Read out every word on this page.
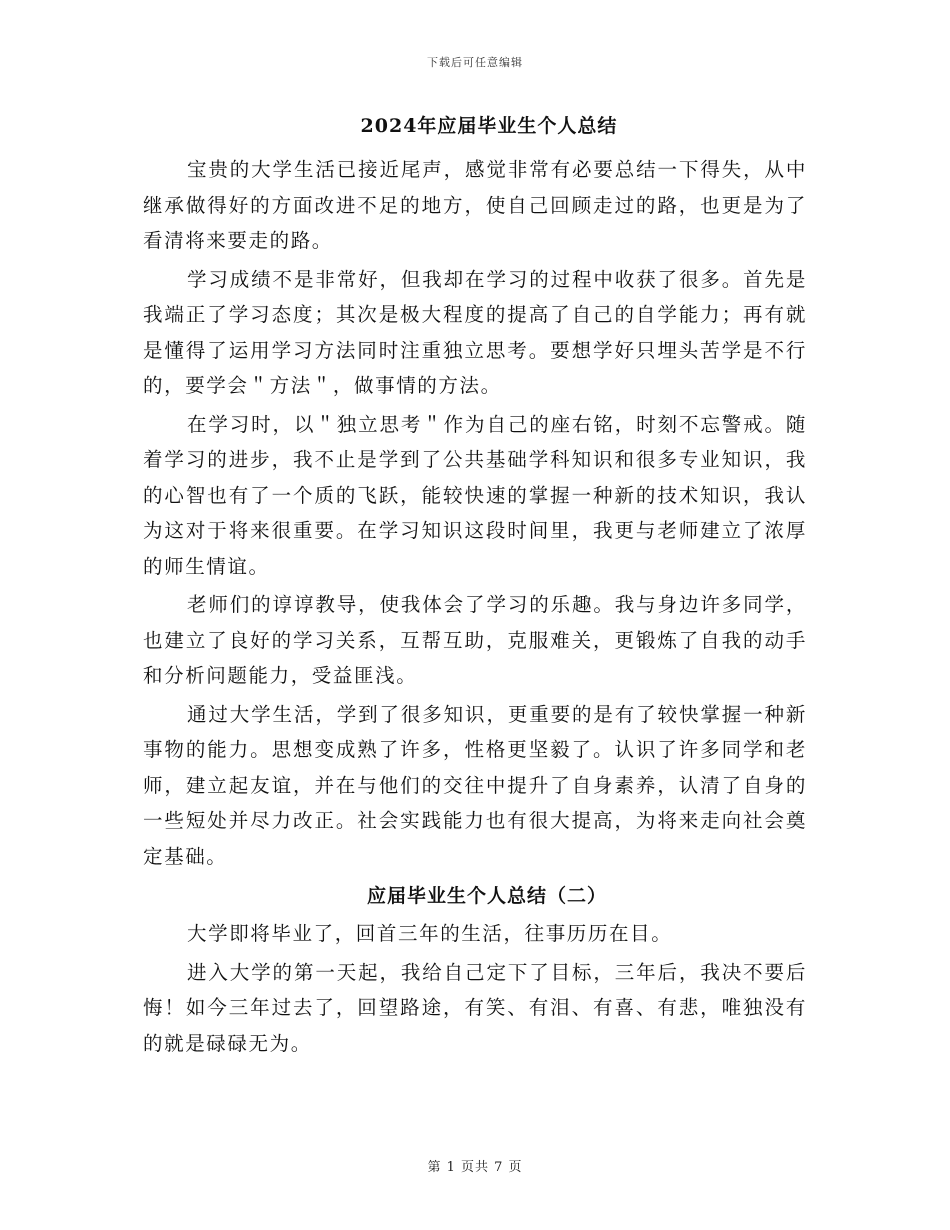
下载后可任意编辑
2024年应届毕业生个人总结

宝贵的大学生活已接近尾声，感觉非常有必要总结一下得失，从中继承做得好的方面改进不足的地方，使自己回顾走过的路，也更是为了看清将来要走的路。

学习成绩不是非常好，但我却在学习的过程中收获了很多。首先是我端正了学习态度；其次是极大程度的提高了自己的自学能力；再有就是懂得了运用学习方法同时注重独立思考。要想学好只埋头苦学是不行的，要学会＂方法＂，做事情的方法。

在学习时，以＂独立思考＂作为自己的座右铭，时刻不忘警戒。随着学习的进步，我不止是学到了公共基础学科知识和很多专业知识，我的心智也有了一个质的飞跃，能较快速的掌握一种新的技术知识，我认为这对于将来很重要。在学习知识这段时间里，我更与老师建立了浓厚的师生情谊。

老师们的谆谆教导，使我体会了学习的乐趣。我与身边许多同学，也建立了良好的学习关系，互帮互助，克服难关，更锻炼了自我的动手和分析问题能力，受益匪浅。

通过大学生活，学到了很多知识，更重要的是有了较快掌握一种新事物的能力。思想变成熟了许多，性格更坚毅了。认识了许多同学和老师，建立起友谊，并在与他们的交往中提升了自身素养，认清了自身的一些短处并尽力改正。社会实践能力也有很大提高，为将来走向社会奠定基础。

应届毕业生个人总结（二）

大学即将毕业了，回首三年的生活，往事历历在目。

进入大学的第一天起，我给自己定下了目标，三年后，我决不要后悔！如今三年过去了，回望路途，有笑、有泪、有喜、有悲，唯独没有的就是碌碌无为。

第 1 页共 7 页
